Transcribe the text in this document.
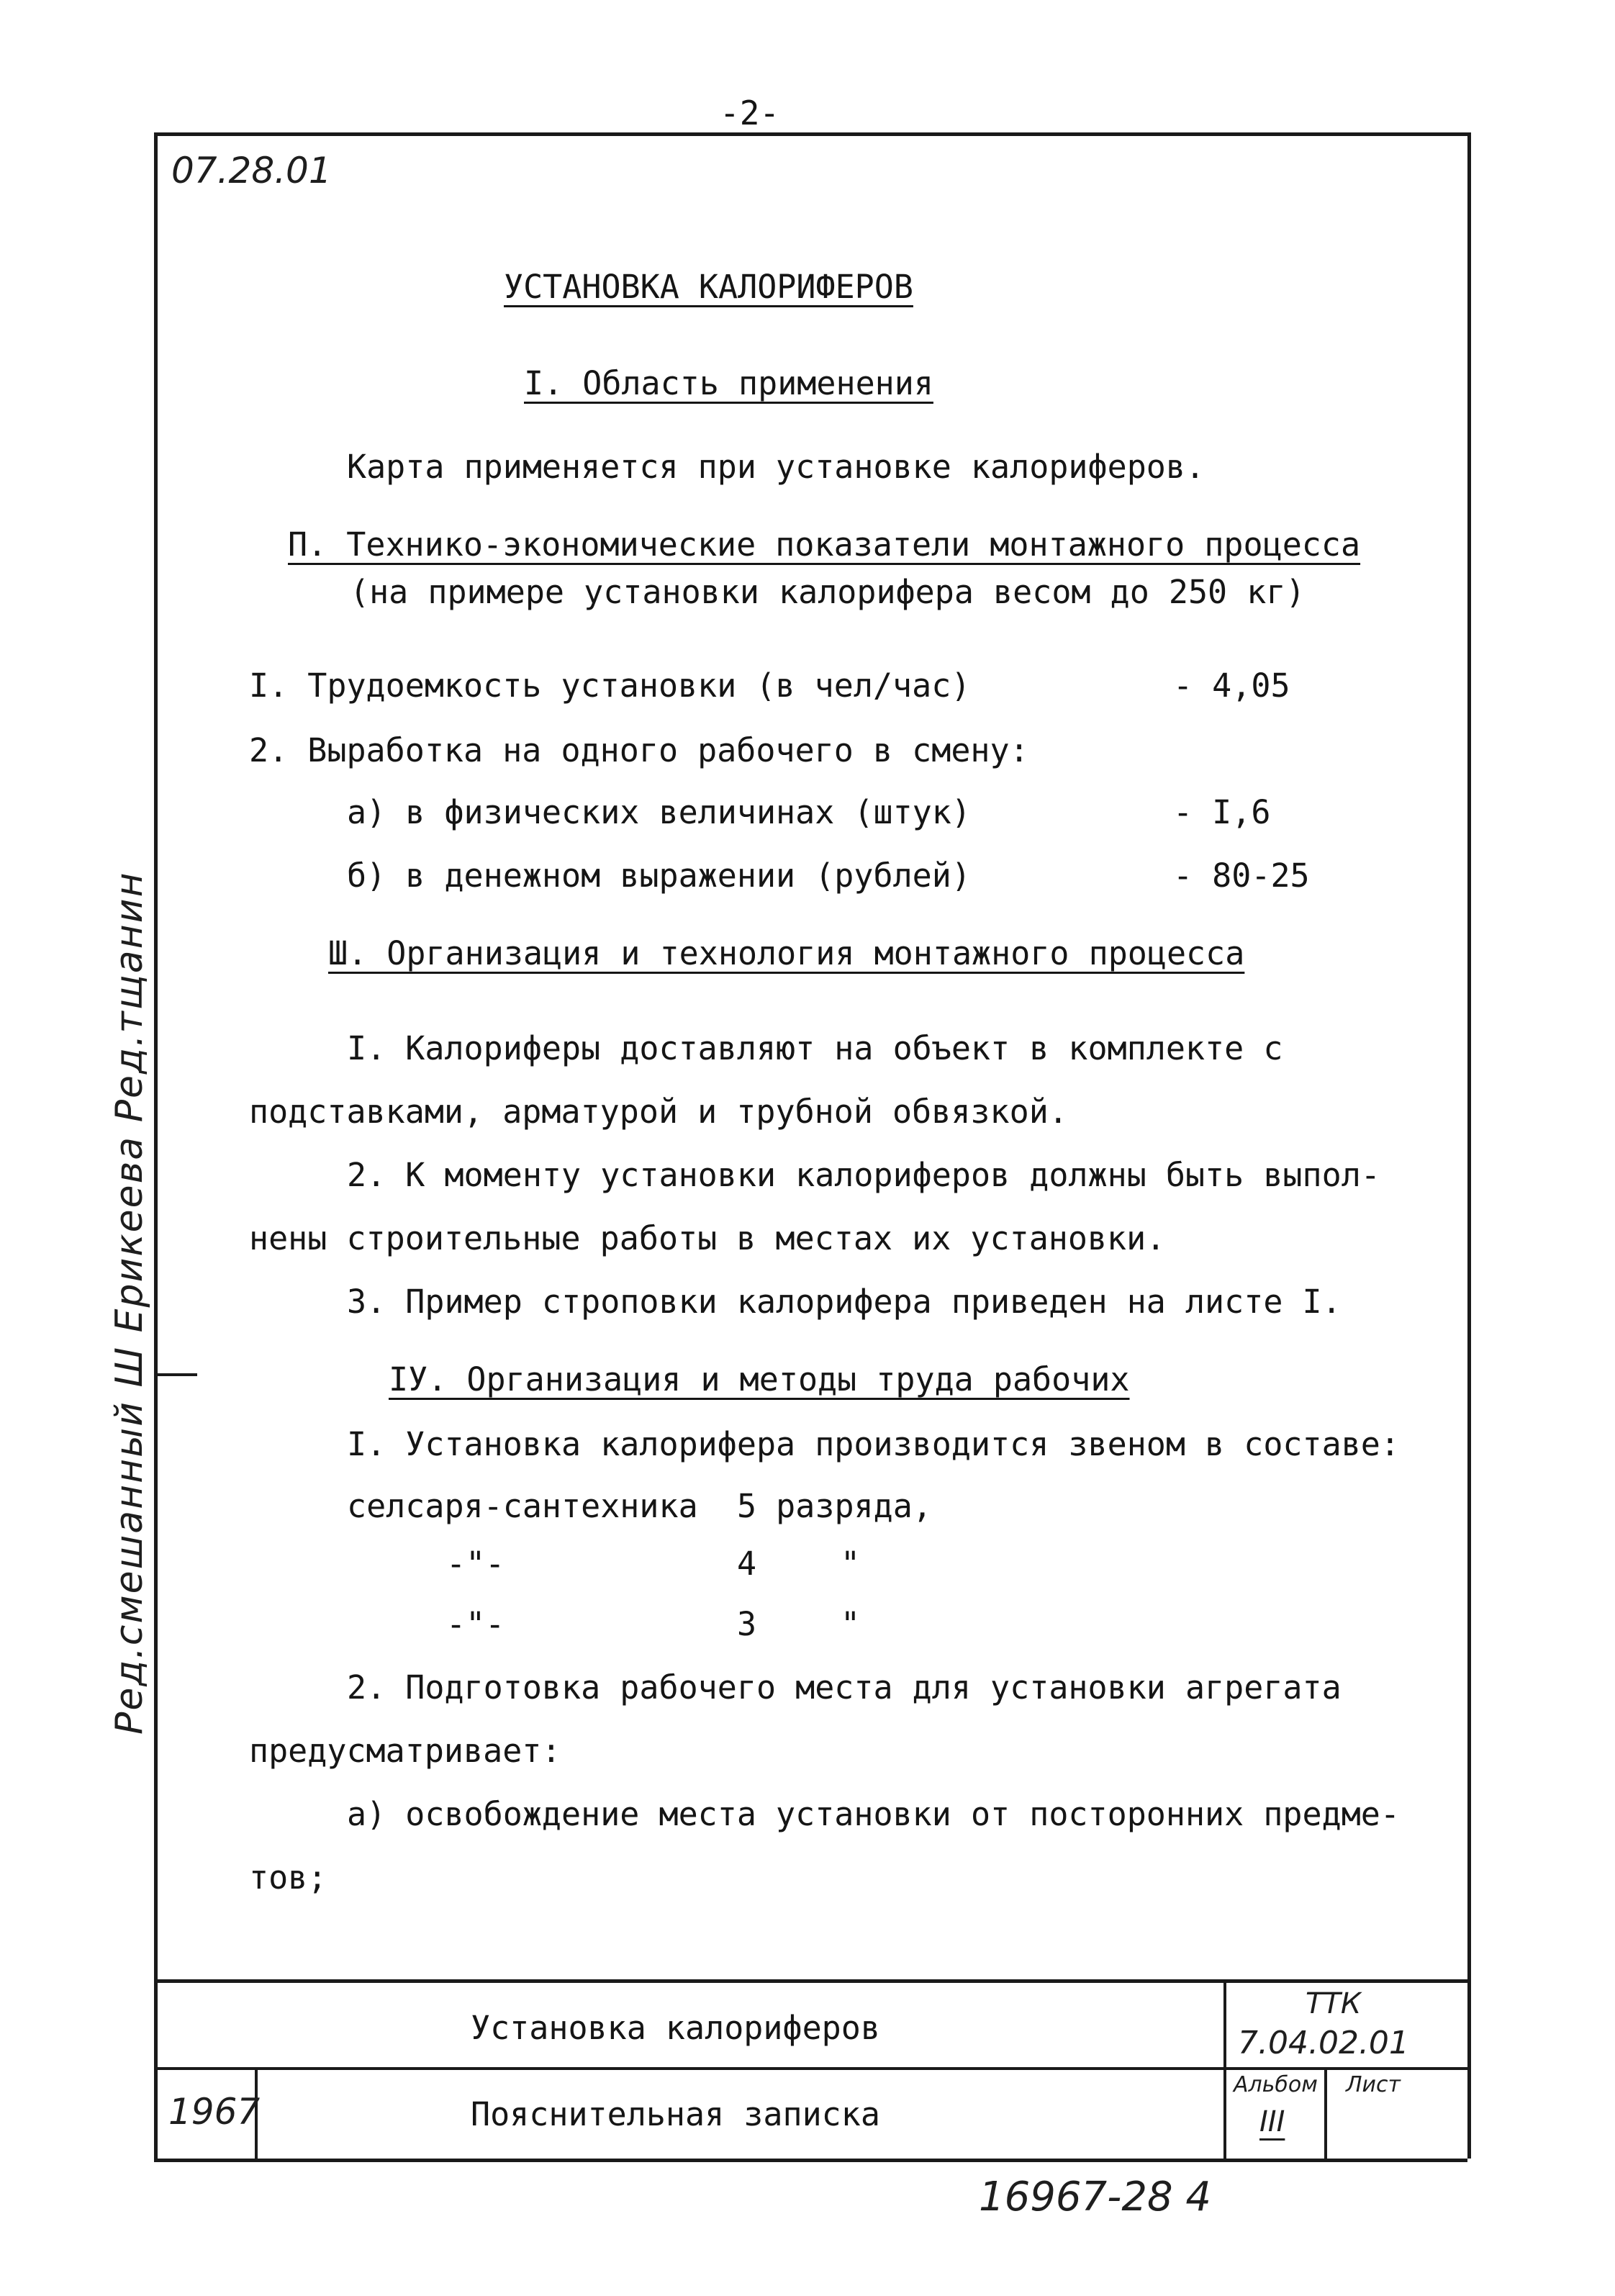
-2-
07.28.01
УСТАНОВКА КАЛОРИФЕРОВ
I. Область применения
Карта применяется при установке калориферов.
П. Технико-экономические показатели монтажного процесса
(на примере установки калорифера весом до 250 кг)
I. Трудоемкость установки (в чел/час)	- 4,05
2. Выработка на одного рабочего в смену:
а) в физических величинах (штук)	- I,6
б) в денежном выражении (рублей)	- 80-25
Ш. Организация и технология монтажного процесса
I. Калориферы доставляют на объект в комплекте с
подставками, арматурой и трубной обвязкой.
2. К моменту установки калориферов должны быть выпол-
нены строительные работы в местах их установки.
3. Пример строповки калорифера приведен на листе I.
IУ. Организация и методы труда рабочих
I. Установка калорифера производится звеном в составе:
селсаря-сантехника 5 разряда,
-"-	4	"
-"-	3	"
2. Подготовка рабочего места для установки агрегата
предусматривает:
а) освобождение места установки от посторонних предме-
тов;
Установка калориферов
ТТК
7.04.02.01
1967	Пояснительная записка
Альбом
III
Лист
Ред.смешанный Ш Ерикеева Ред.тщанин
16967-28 4
